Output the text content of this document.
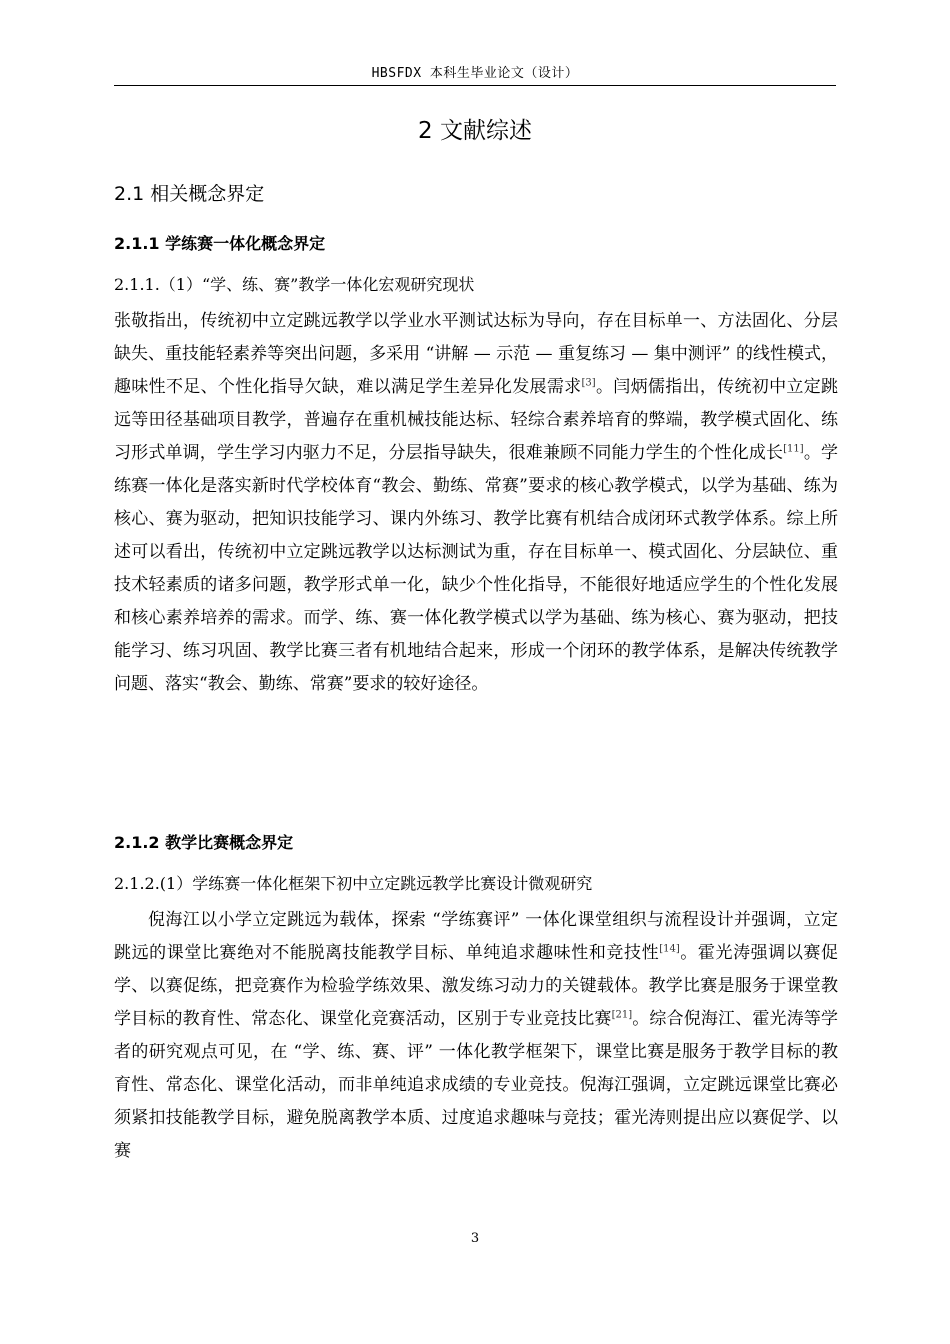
HBSFDX 本科生毕业论文（设计）
2 文献综述
2.1 相关概念界定
2.1.1 学练赛一体化概念界定
2.1.1.（1）“学、练、赛”教学一体化宏观研究现状

张敬指出，传统初中立定跳远教学以学业水平测试达标为导向，存在目标单一、方法固化、分层缺失、重技能轻素养等突出问题，多采用 “讲解 — 示范 — 重复练习 — 集中测评” 的线性模式，趣味性不足、个性化指导欠缺，难以满足学生差异化发展需求[3]。闫炳儒指出，传统初中立定跳远等田径基础项目教学，普遍存在重机械技能达标、轻综合素养培育的弊端，教学模式固化、练习形式单调，学生学习内驱力不足，分层指导缺失，很难兼顾不同能力学生的个性化成长[11]。学练赛一体化是落实新时代学校体育“教会、勤练、常赛”要求的核心教学模式，以学为基础、练为核心、赛为驱动，把知识技能学习、课内外练习、教学比赛有机结合成闭环式教学体系。综上所述可以看出，传统初中立定跳远教学以达标测试为重，存在目标单一、模式固化、分层缺位、重技术轻素质的诸多问题，教学形式单一化，缺少个性化指导，不能很好地适应学生的个性化发展和核心素养培养的需求。而学、练、赛一体化教学模式以学为基础、练为核心、赛为驱动，把技能学习、练习巩固、教学比赛三者有机地结合起来，形成一个闭环的教学体系，是解决传统教学问题、落实“教会、勤练、常赛”要求的较好途径。

2.1.2 教学比赛概念界定
2.1.2.(1）学练赛一体化框架下初中立定跳远教学比赛设计微观研究

倪海江以小学立定跳远为载体，探索 “学练赛评” 一体化课堂组织与流程设计并强调，立定跳远的课堂比赛绝对不能脱离技能教学目标、单纯追求趣味性和竞技性[14]。霍光涛强调以赛促学、以赛促练，把竞赛作为检验学练效果、激发练习动力的关键载体。教学比赛是服务于课堂教学目标的教育性、常态化、课堂化竞赛活动，区别于专业竞技比赛[21]。综合倪海江、霍光涛等学者的研究观点可见，在 “学、练、赛、评” 一体化教学框架下，课堂比赛是服务于教学目标的教育性、常态化、课堂化活动，而非单纯追求成绩的专业竞技。倪海江强调，立定跳远课堂比赛必须紧扣技能教学目标，避免脱离教学本质、过度追求趣味与竞技；霍光涛则提出应以赛促学、以赛

3
